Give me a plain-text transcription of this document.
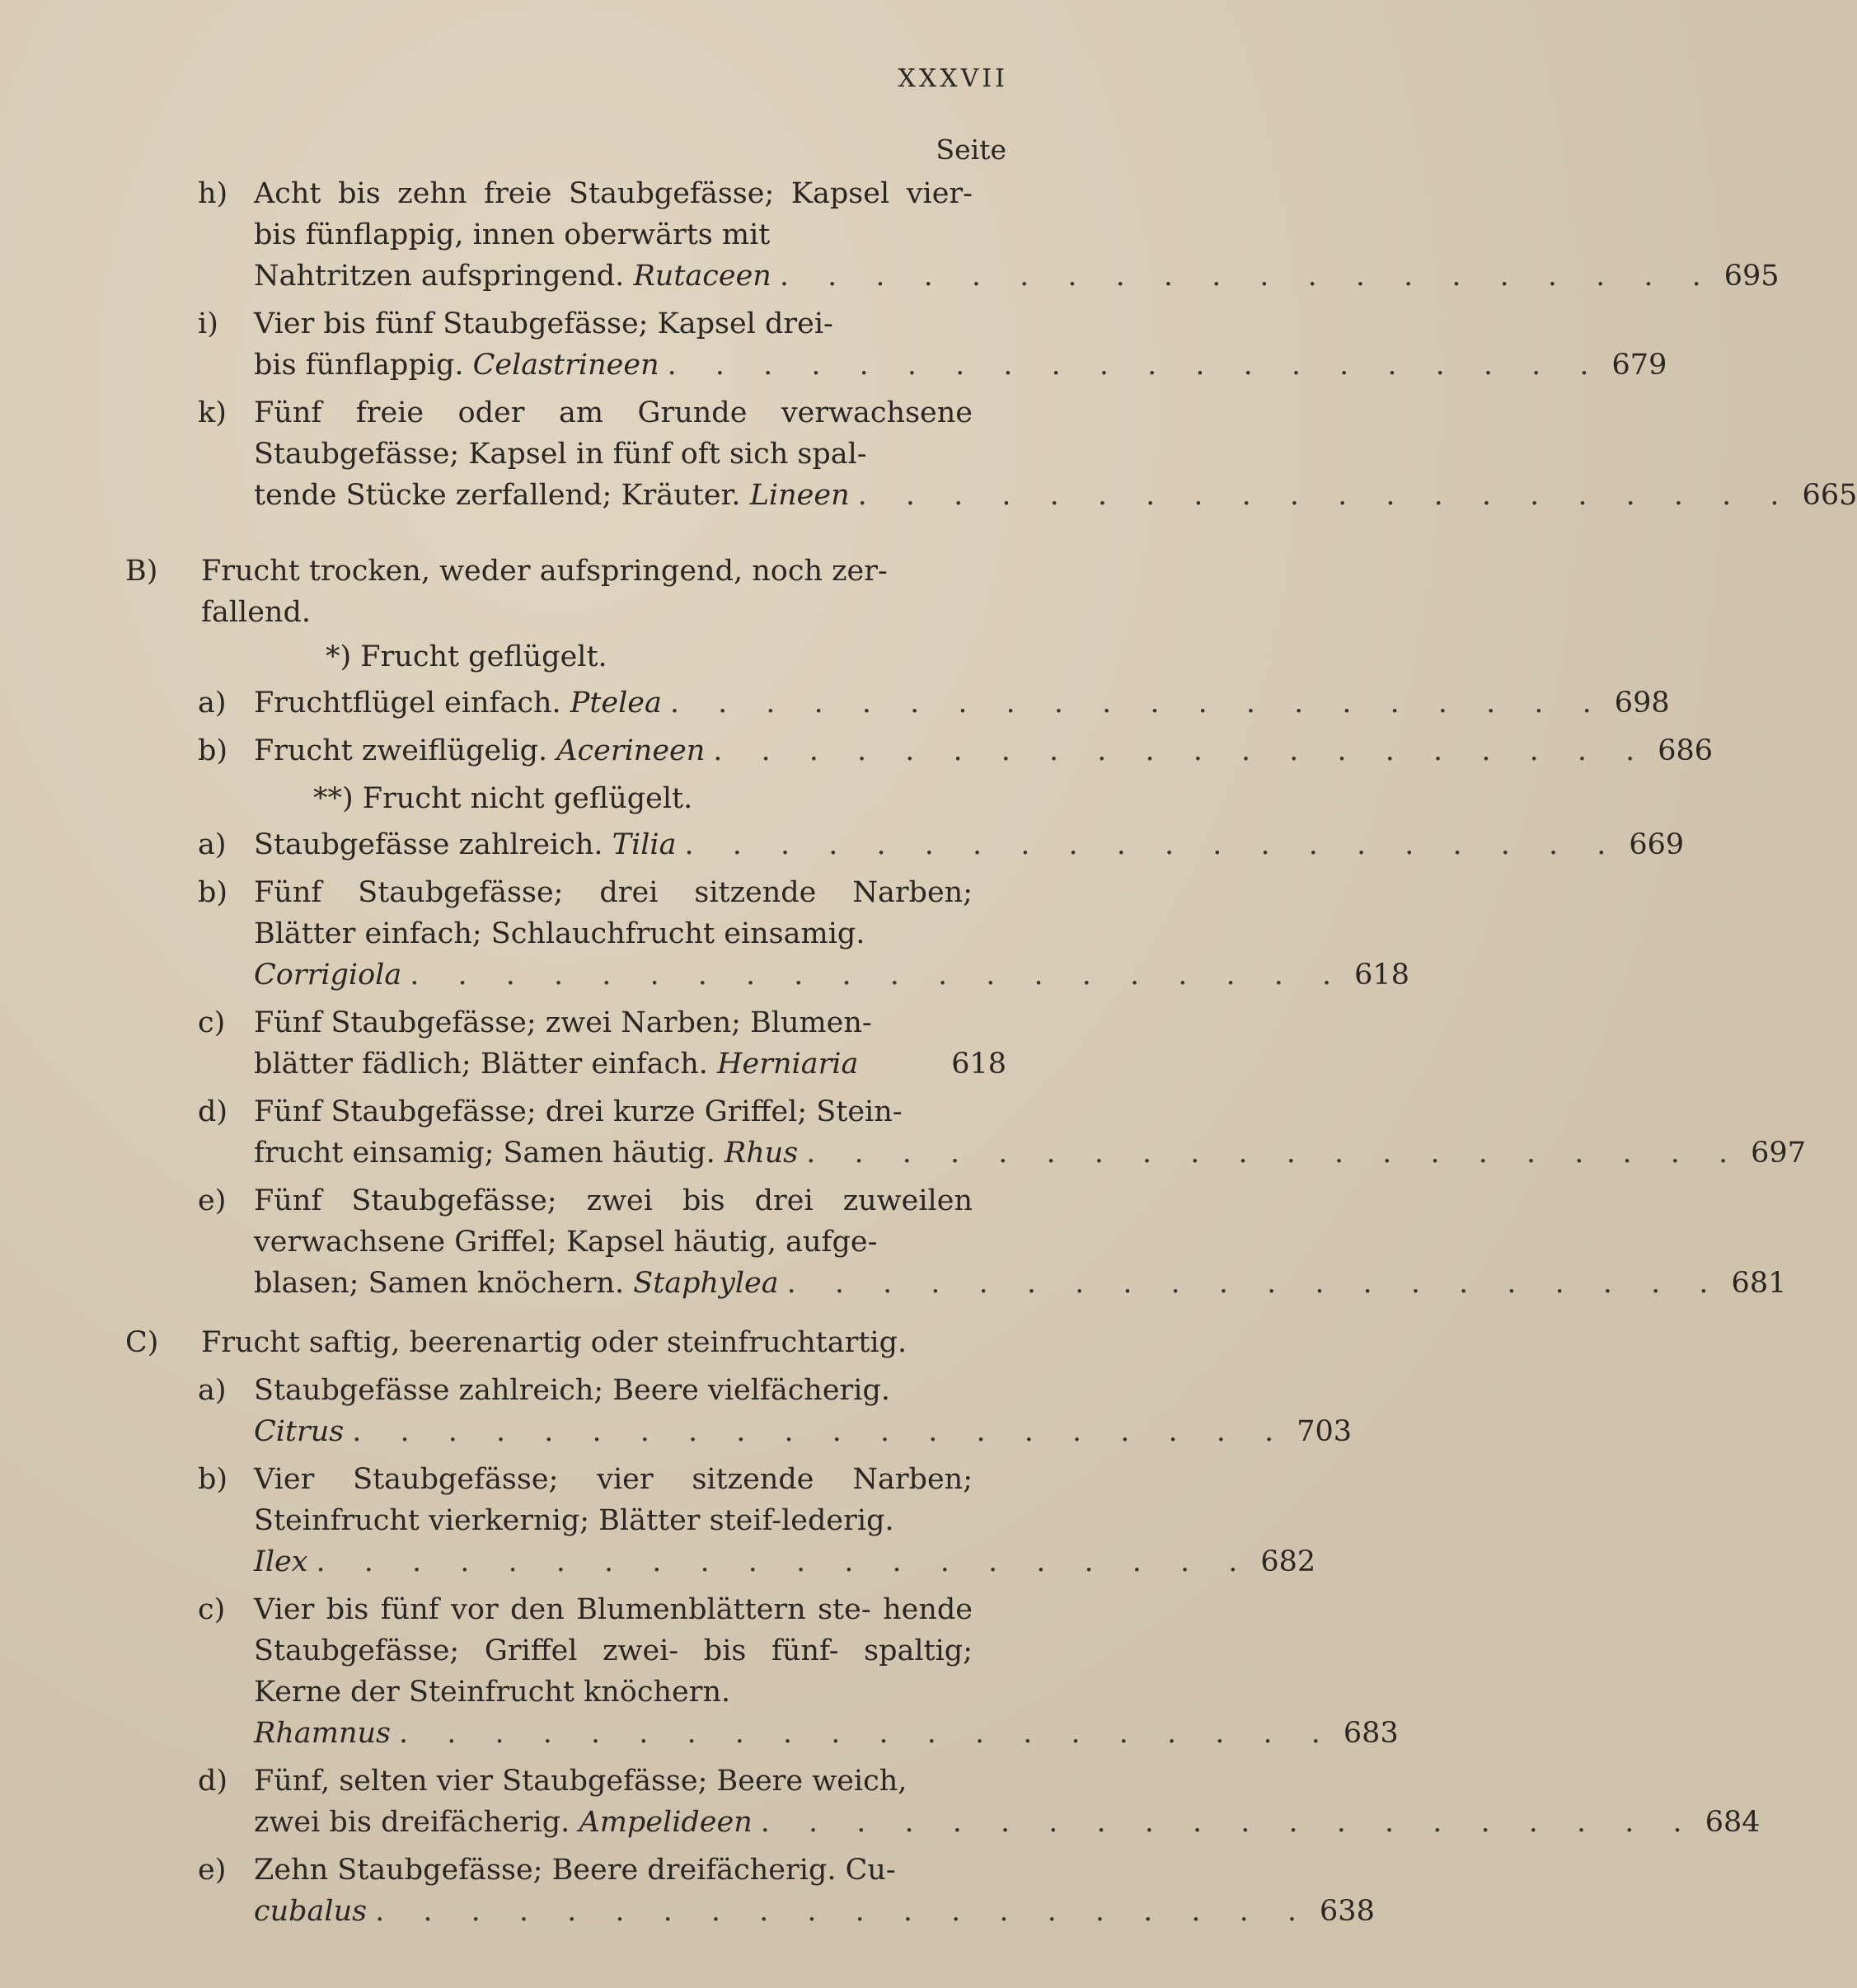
XXXVII
Seite
h) Acht bis zehn freie Staubgefässe; Kapsel vier- bis fünflappig, innen oberwärts mit
Nahtritzen aufspringend.
Rutaceen . . . . . . . . . . . . . . . . . . . . 695
i)	Vier bis fünf Staubgefässe; Kapsel drei-
bis fünflappig.
Celastrineen . . . . . . . . . . . . . . . . . . . . 679
k) Fünf freie oder am Grunde verwachsene Staubgefässe; Kapsel in fünf oft sich spal-
tende Stücke zerfallend; Kräuter.
Lineen . . . . . . . . . . . . . . . . . . . . 665
B)	Frucht trocken, weder aufspringend, noch zer- fallend.
*) Frucht geflügelt.
a) Fruchtflügel einfach.
Ptelea . . . . . . . . . . . . . . . . . . . . 698
b) Frucht zweiflügelig.
Acerineen . . . . . . . . . . . . . . . . . . . . 686
**) Frucht nicht geflügelt.
a) Staubgefässe zahlreich.
Tilia . . . . . . . . . . . . . . . . . . . . 669
b) Fünf Staubgefässe; drei sitzende Narben; Blätter einfach; Schlauchfrucht einsamig.
Corrigiola . . . . . . . . . . . . . . . . . . . . 618
c) Fünf Staubgefässe; zwei Narben; Blumen-
blätter fädlich; Blätter einfach.
Herniaria	618
d) Fünf Staubgefässe; drei kurze Griffel; Stein-
frucht einsamig; Samen häutig.
Rhus . . . . . . . . . . . . . . . . . . . . 697
e) Fünf Staubgefässe; zwei bis drei zuweilen verwachsene Griffel; Kapsel häutig, aufge-
blasen; Samen knöchern.
Staphylea . . . . . . . . . . . . . . . . . . . . 681
C)	Frucht saftig, beerenartig oder steinfruchtartig.
a) Staubgefässe zahlreich; Beere vielfächerig.
Citrus . . . . . . . . . . . . . . . . . . . . 703
b) Vier Staubgefässe; vier sitzende Narben; Steinfrucht vierkernig; Blätter steif-lederig.
Ilex . . . . . . . . . . . . . . . . . . . . 682
c) Vier bis fünf vor den Blumenblättern ste- hende Staubgefässe; Griffel zwei- bis fünf- spaltig; Kerne der Steinfrucht knöchern.
Rhamnus . . . . . . . . . . . . . . . . . . . . 683
d) Fünf, selten vier Staubgefässe; Beere weich,
zwei bis dreifächerig.
Ampelideen . . . . . . . . . . . . . . . . . . . . 684
e) Zehn Staubgefässe; Beere dreifächerig. Cu-
cubalus . . . . . . . . . . . . . . . . . . . . 638
